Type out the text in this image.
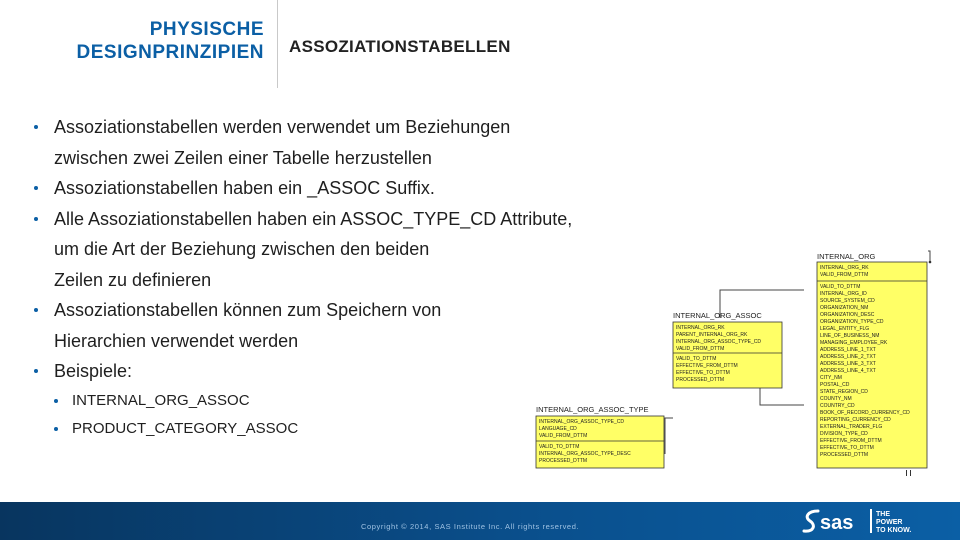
PHYSISCHE
DESIGNPRINZIPIEN ASSOZIATIONSTABELLEN
Assoziationstabellen werden verwendet um Beziehungen
zwischen zwei Zeilen einer Tabelle herzustellen
Assoziationstabellen haben ein _ASSOC Suffix.
Alle Assoziationstabellen haben ein ASSOC_TYPE_CD Attribute,
um die Art der Beziehung zwischen den beiden
Zeilen zu definieren
Assoziationstabellen können zum Speichern von
Hierarchien verwendet werden
Beispiele:
INTERNAL_ORG_ASSOC
PRODUCT_CATEGORY_ASSOC
INTERNAL_ORG
INTERNAL_ORG_RK
VALID_FROM_DTTM
VALID_TO_DTTM
INTERNAL_ORG_ID
SOURCE_SYSTEM_CD
ORGANIZATION_NM
ORGANIZATION_DESC
ORGANIZATION_TYPE_CD
LEGAL_ENTITY_FLG
LINE_OF_BUSINESS_NM
MANAGING_EMPLOYEE_RK
ADDRESS_LINE_1_TXT
ADDRESS_LINE_2_TXT
ADDRESS_LINE_3_TXT
ADDRESS_LINE_4_TXT
CITY_NM
POSTAL_CD
STATE_REGION_CD
COUNTY_NM
COUNTRY_CD
BOOK_OF_RECORD_CURRENCY_CD
REPORTING_CURRENCY_CD
EXTERNAL_TRADER_FLG
DIVISION_TYPE_CD
EFFECTIVE_FROM_DTTM
EFFECTIVE_TO_DTTM
PROCESSED_DTTM
INTERNAL_ORG_ASSOC
INTERNAL_ORG_RK
PARENT_INTERNAL_ORG_RK
INTERNAL_ORG_ASSOC_TYPE_CD
VALID_FROM_DTTM
VALID_TO_DTTM
EFFECTIVE_FROM_DTTM
EFFECTIVE_TO_DTTM
PROCESSED_DTTM
INTERNAL_ORG_ASSOC_TYPE
INTERNAL_ORG_ASSOC_TYPE_CD
LANGUAGE_CD
VALID_FROM_DTTM
VALID_TO_DTTM
INTERNAL_ORG_ASSOC_TYPE_DESC
PROCESSED_DTTM
Copyright © 2014, SAS Institute Inc. All rights reserved.	sas	THE
POWER
TO KNOW.
